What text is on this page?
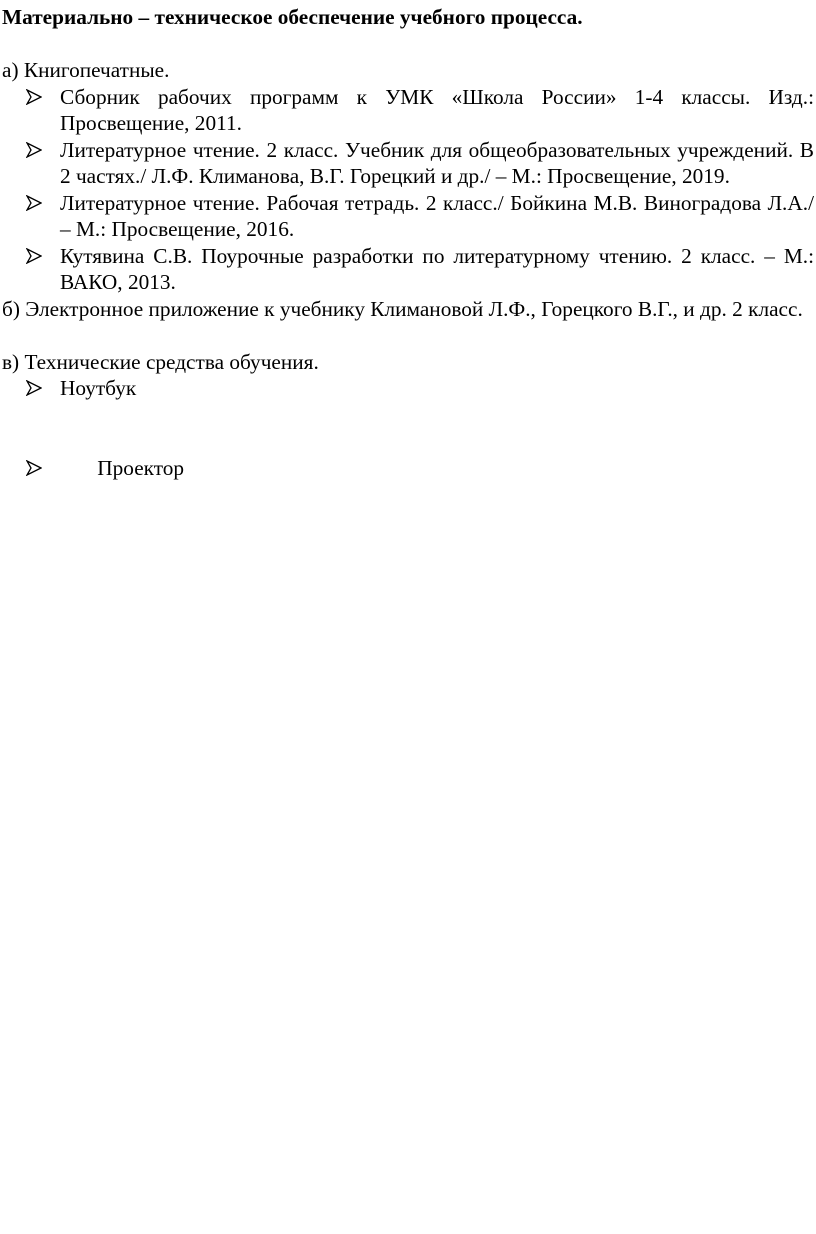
Материально – техническое обеспечение учебного процесса.

а) Книгопечатные.

Сборник рабочих программ к УМК «Школа России» 1-4 классы. Изд.: Просвещение, 2011.
Литературное чтение. 2 класс. Учебник для общеобразовательных учреждений. В 2 частях./ Л.Ф. Климанова, В.Г. Горецкий и др./ – М.: Просвещение, 2019.
Литературное чтение. Рабочая тетрадь. 2 класс./ Бойкина М.В. Виноградова Л.А./ – М.: Просвещение, 2016.
Кутявина С.В. Поурочные разработки по литературному чтению. 2 класс. – М.: ВАКО, 2013.

б) Электронное приложение к учебнику Климановой Л.Ф., Горецкого В.Г., и др. 2 класс.

в) Технические средства обучения.

Ноутбук

Проектор
